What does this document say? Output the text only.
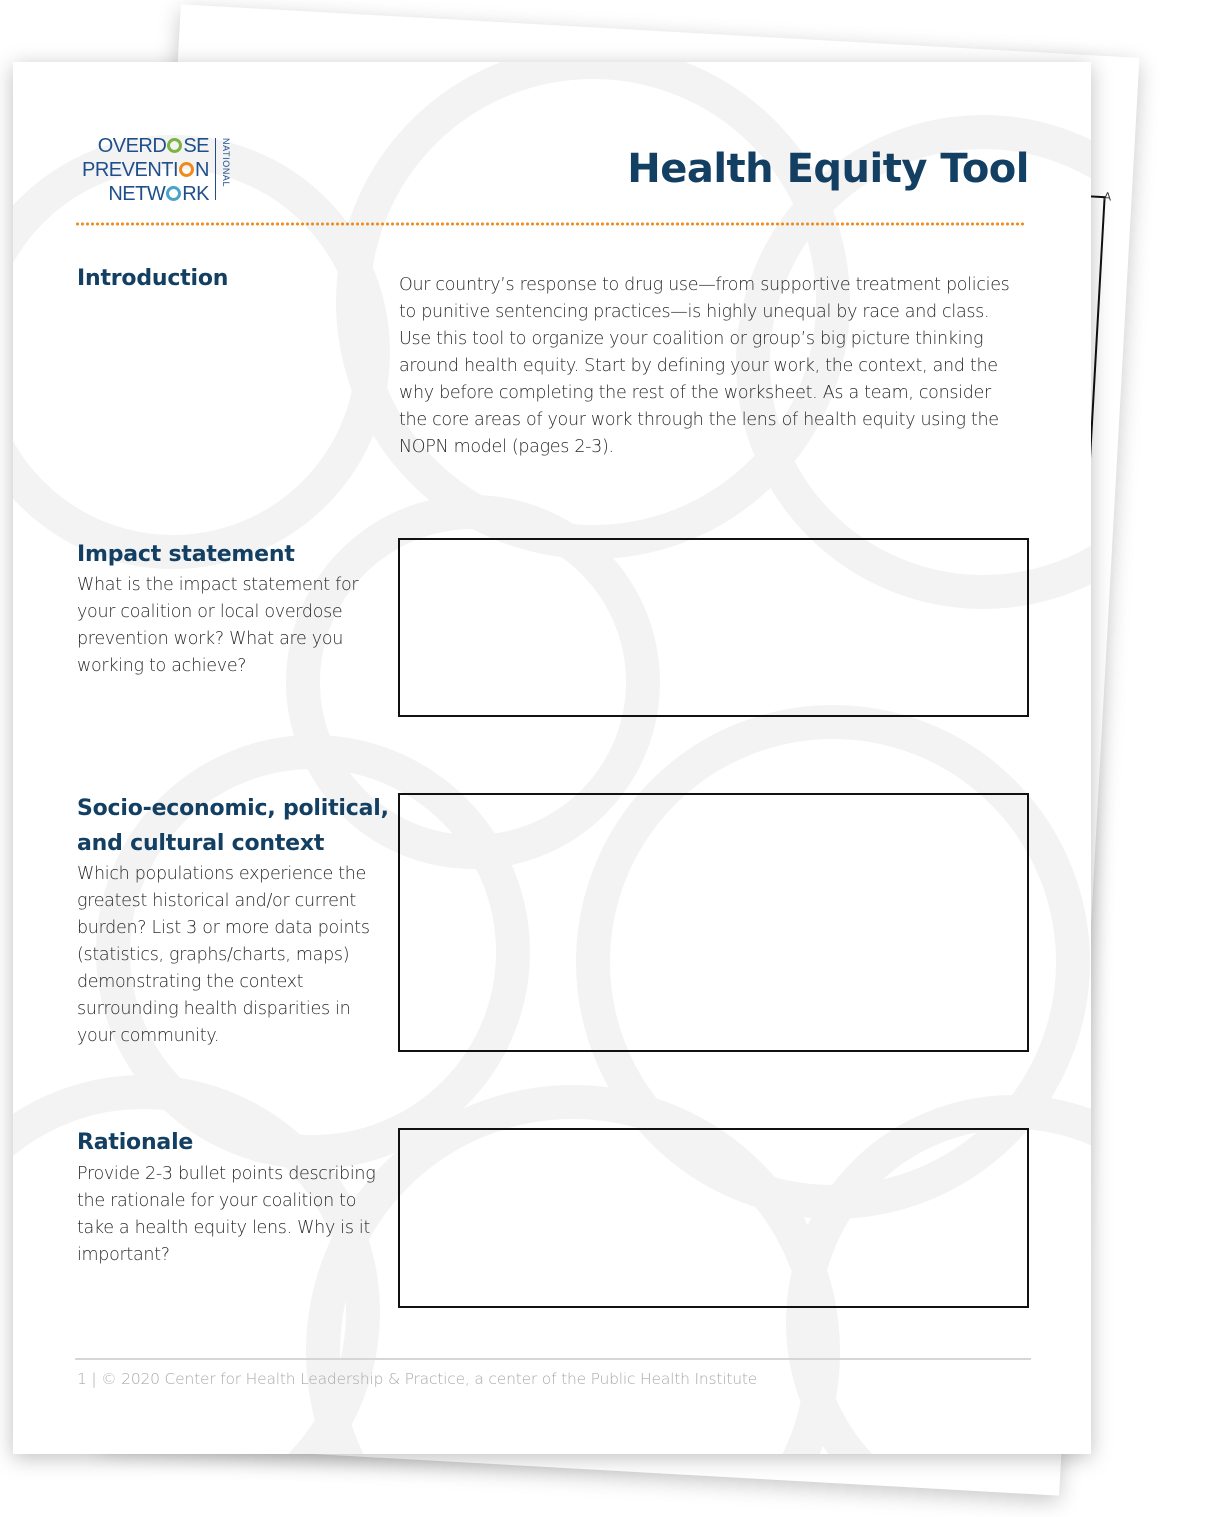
A
OVERD SE
PREVENTI N
NETW RK
NATIONAL	Health Equity Tool
Introduction	Our country’s response to drug use—from supportive treatment policies
to punitive sentencing practices—is highly unequal by race and class.
Use this tool to organize your coalition or group’s big picture thinking
around health equity. Start by defining your work, the context, and the
why before completing the rest of the worksheet. As a team, consider
the core areas of your work through the lens of health equity using the
NOPN model (pages 2-3).
Impact statement
What is the impact statement for
your coalition or local overdose
prevention work? What are you
working to achieve?
Socio-economic, political,
and cultural context
Which populations experience the
greatest historical and/or current
burden? List 3 or more data points
(statistics, graphs/charts, maps)
demonstrating the context
surrounding health disparities in
your community.
Rationale
Provide 2-3 bullet points describing
the rationale for your coalition to
take a health equity lens. Why is it
important?
1 | © 2020 Center for Health Leadership & Practice, a center of the Public Health Institute
